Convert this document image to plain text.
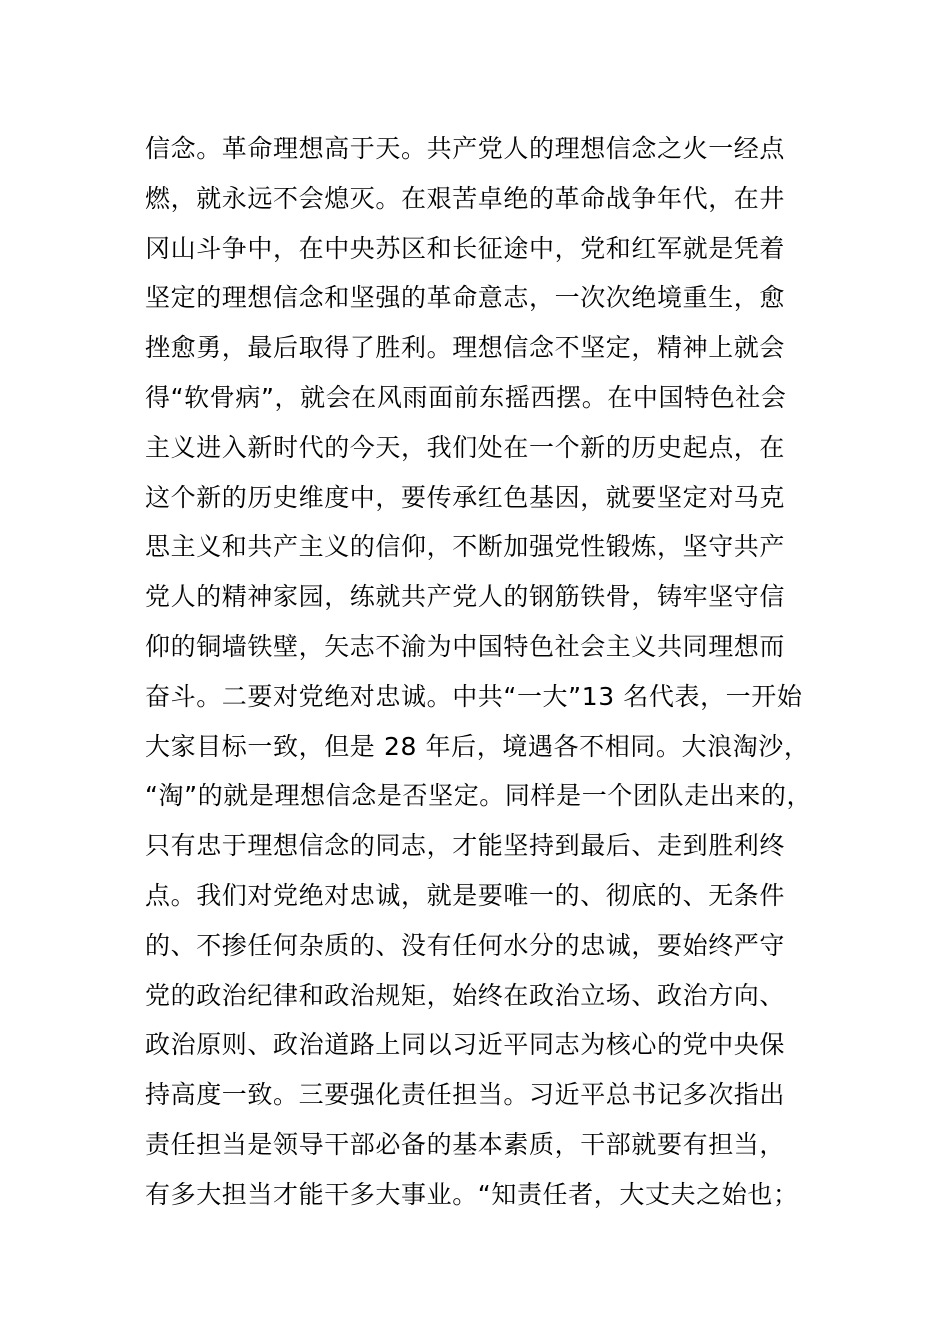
信念。革命理想高于天。共产党人的理想信念之火一经点
燃，就永远不会熄灭。在艰苦卓绝的革命战争年代，在井
冈山斗争中，在中央苏区和长征途中，党和红军就是凭着
坚定的理想信念和坚强的革命意志，一次次绝境重生，愈
挫愈勇，最后取得了胜利。理想信念不坚定，精神上就会
得“软骨病”，就会在风雨面前东摇西摆。在中国特色社会
主义进入新时代的今天，我们处在一个新的历史起点，在
这个新的历史维度中，要传承红色基因，就要坚定对马克
思主义和共产主义的信仰，不断加强党性锻炼，坚守共产
党人的精神家园，练就共产党人的钢筋铁骨，铸牢坚守信
仰的铜墙铁壁，矢志不渝为中国特色社会主义共同理想而
奋斗。二要对党绝对忠诚。中共“一大”13 名代表，一开始
大家目标一致，但是 28 年后，境遇各不相同。大浪淘沙，
“淘”的就是理想信念是否坚定。同样是一个团队走出来的，
只有忠于理想信念的同志，才能坚持到最后、走到胜利终
点。我们对党绝对忠诚，就是要唯一的、彻底的、无条件
的、不掺任何杂质的、没有任何水分的忠诚，要始终严守
党的政治纪律和政治规矩，始终在政治立场、政治方向、
政治原则、政治道路上同以习近平同志为核心的党中央保
持高度一致。三要强化责任担当。习近平总书记多次指出
责任担当是领导干部必备的基本素质，干部就要有担当，
有多大担当才能干多大事业。“知责任者，大丈夫之始也；
